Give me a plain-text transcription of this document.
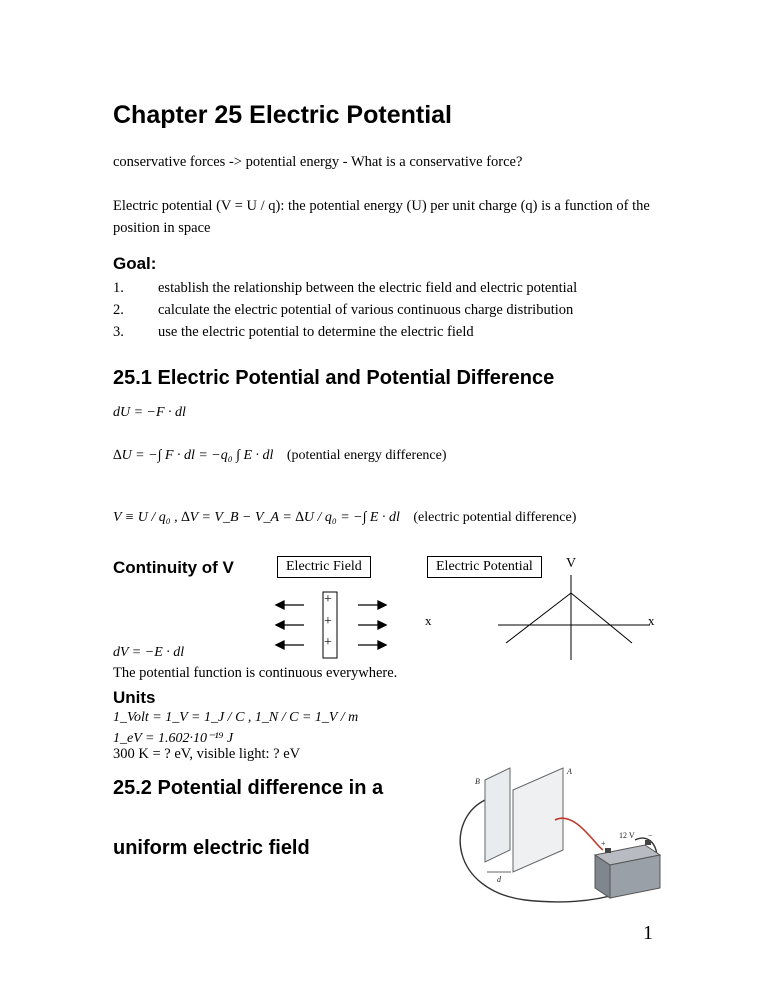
Chapter 25 Electric Potential
conservative forces -> potential energy - What is a conservative force?
Electric potential (V = U / q): the potential energy (U) per unit charge (q) is a function of the position in space
Goal:
1. establish the relationship between the electric field and electric potential
2. calculate the electric potential of various continuous charge distribution
3. use the electric potential to determine the electric field
25.1 Electric Potential and Potential Difference
dU = −F · dl
∆U = −∫ F · dl = −q₀ ∫ E · dl (potential energy difference)
V ≡ U / q₀ , ∆V = V_B − V_A = ∆U / q₀ = −∫ E · dl (electric potential difference)
Continuity of V
+
+
+
Electric Field	Electric Potential	V
x	x
dV = −E · dl
The potential function is continuous everywhere.
Units
1_Volt = 1_V = 1_J / C , 1_N / C = 1_V / m
1_eV = 1.602·10⁻¹⁹ J
300 K = ? eV, visible light: ? eV
25.2 Potential difference in a
uniform electric field
B
A
12 V
d
+
−
1
